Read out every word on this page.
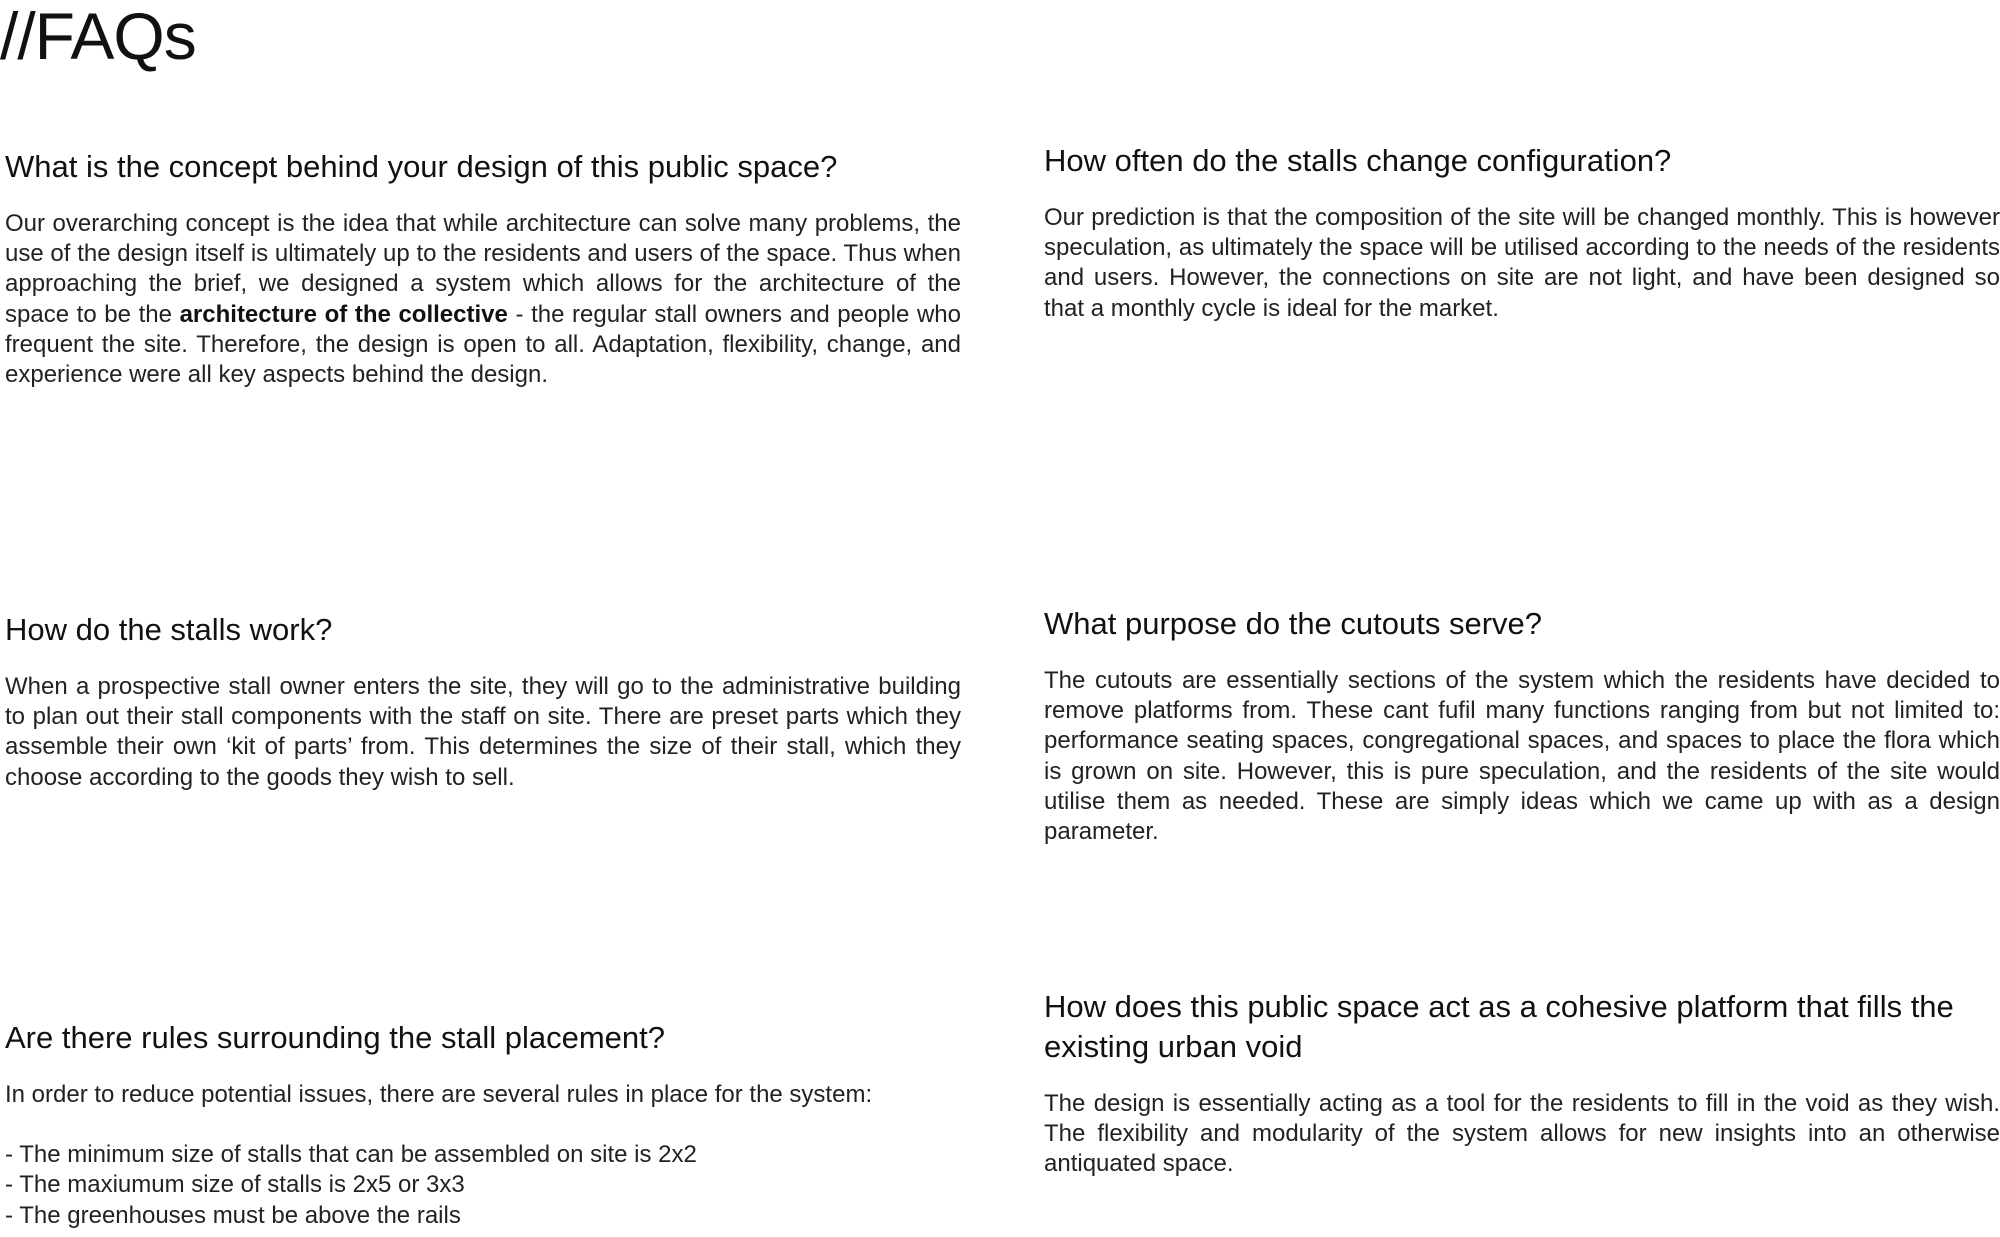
//FAQs
What is the concept behind your design of this public space?

Our overarching concept is the idea that while architecture can solve many problems, the use of the design itself is ultimately up to the residents and users of the space. Thus when approaching the brief, we designed a system which allows for the architecture of the space to be the architecture of the collective - the regular stall owners and people who frequent the site. Therefore, the design is open to all. Adaptation, flexibility, change, and experience were all key aspects behind the design.

How often do the stalls change configuration?

Our prediction is that the composition of the site will be changed monthly. This is however speculation, as ultimately the space will be utilised according to the needs of the residents and users. However, the connections on site are not light, and have been designed so that a monthly cycle is ideal for the market.

How do the stalls work?

When a prospective stall owner enters the site, they will go to the administrative building to plan out their stall components with the staff on site. There are preset parts which they assemble their own ‘kit of parts’ from. This determines the size of their stall, which they choose according to the goods they wish to sell.

What purpose do the cutouts serve?

The cutouts are essentially sections of the system which the residents have decided to remove platforms from. These cant fufil many functions ranging from but not limited to: performance seating spaces, congregational spaces, and spaces to place the flora which is grown on site. However, this is pure speculation, and the residents of the site would utilise them as needed. These are simply ideas which we came up with as a design parameter.

Are there rules surrounding the stall placement?

In order to reduce potential issues, there are several rules in place for the system:

- The minimum size of stalls that can be assembled on site is 2x2
- The maxiumum size of stalls is 2x5 or 3x3
- The greenhouses must be above the rails
How does this public space act as a cohesive platform that fills the existing urban void

The design is essentially acting as a tool for the residents to fill in the void as they wish. The flexibility and modularity of the system allows for new insights into an otherwise antiquated space.
